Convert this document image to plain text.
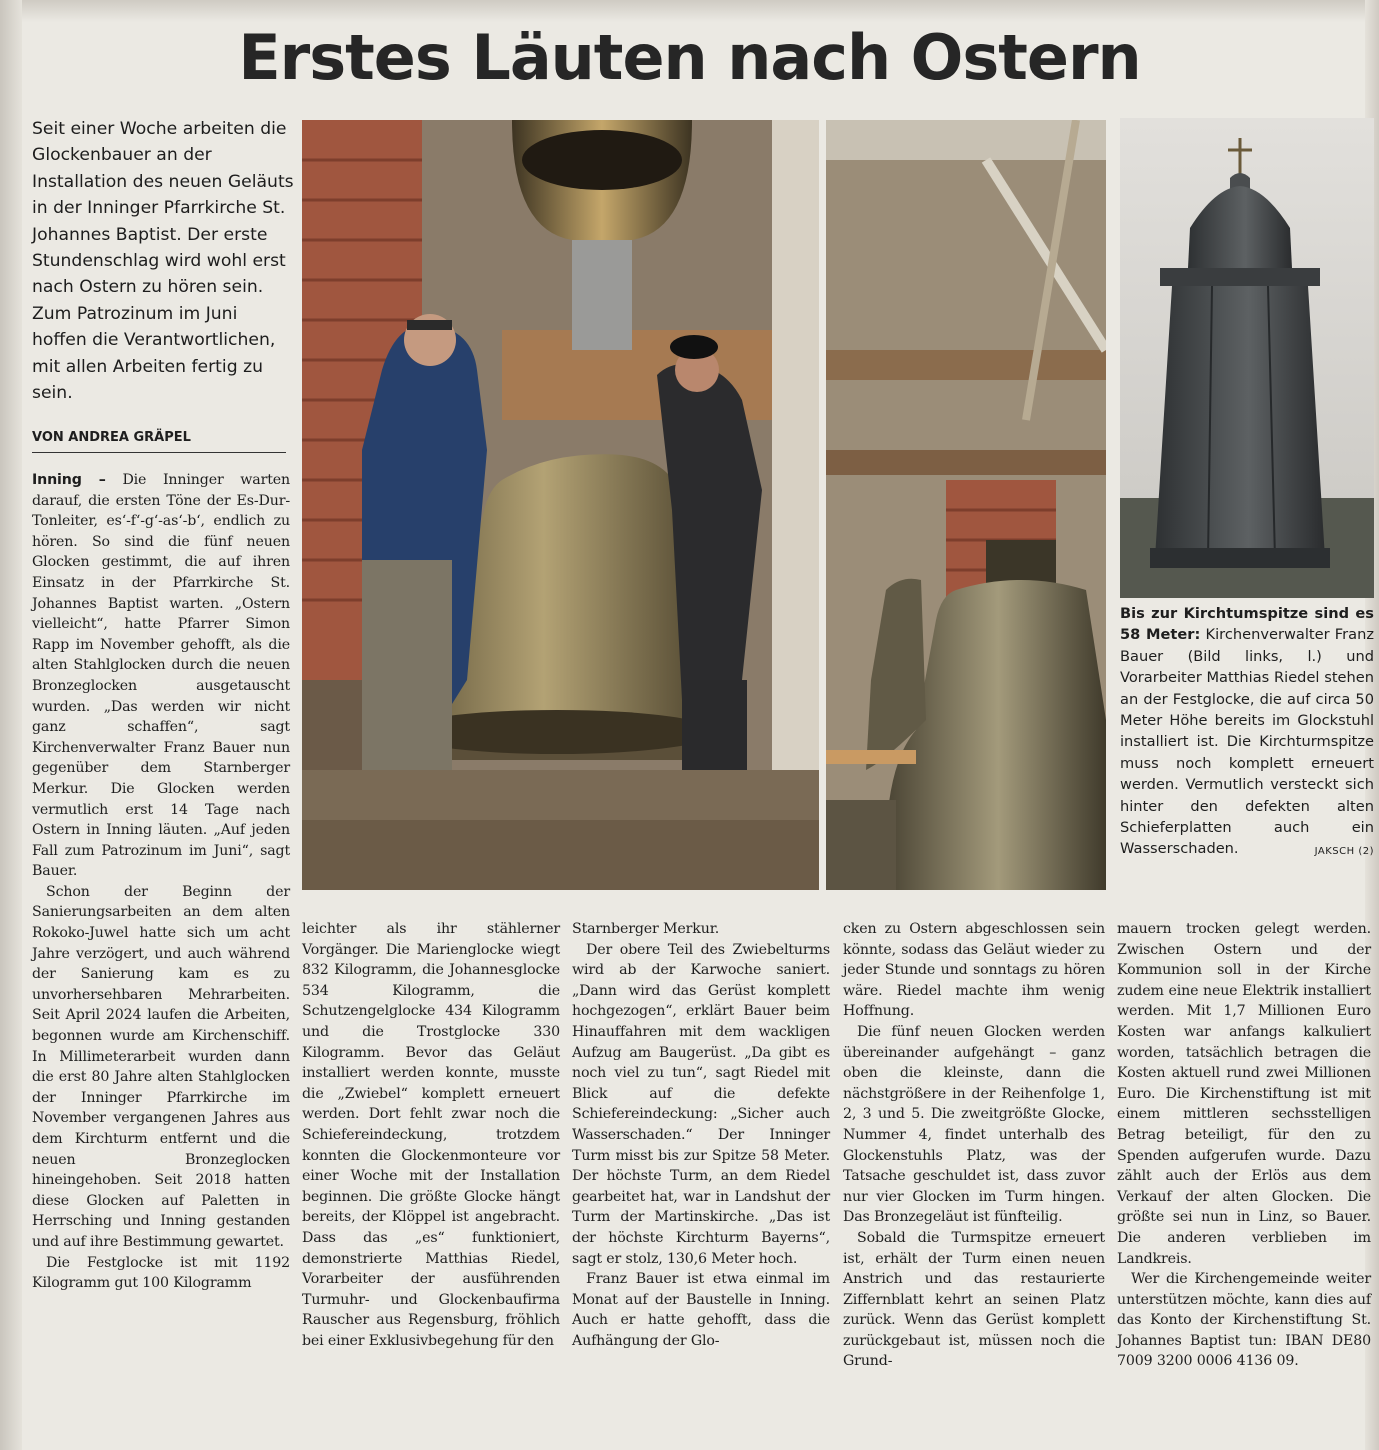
Erstes Läuten nach Ostern
Seit einer Woche arbeiten die Glockenbauer an der Installation des neuen Geläuts in der Inninger Pfarrkirche St. Johannes Baptist. Der erste Stundenschlag wird wohl erst nach Ostern zu hören sein. Zum Patrozinum im Juni hoffen die Verantwortlichen, mit allen Arbeiten fertig zu sein.
VON ANDREA GRÄPEL
Bis zur Kirchtumspitze sind es 58 Meter: Kirchenverwalter Franz Bauer (Bild links, l.) und Vorarbeiter Matthias Riedel stehen an der Festglocke, die auf circa 50 Meter Höhe bereits im Glockstuhl installiert ist. Die Kirchturmspitze muss noch komplett erneuert werden. Vermutlich versteckt sich hinter den defekten alten Schieferplatten auch ein Wasserschaden.	JAKSCH (2)

Inning – Die Inninger warten darauf, die ersten Töne der Es-Dur-Tonleiter, es‘-f‘-g‘-as‘-b‘, endlich zu hören. So sind die fünf neuen Glocken gestimmt, die auf ihren Einsatz in der Pfarrkirche St. Johannes Baptist warten. „Ostern vielleicht“, hatte Pfarrer Simon Rapp im November gehofft, als die alten Stahlglocken durch die neuen Bronzeglocken ausgetauscht wurden. „Das werden wir nicht ganz schaffen“, sagt Kirchenverwalter Franz Bauer nun gegenüber dem Starnberger Merkur. Die Glocken werden vermutlich erst 14 Tage nach Ostern in Inning läuten. „Auf jeden Fall zum Patrozinum im Juni“, sagt Bauer.

Schon der Beginn der Sanierungsarbeiten an dem alten Rokoko-Juwel hatte sich um acht Jahre verzögert, und auch während der Sanierung kam es zu unvorhersehbaren Mehrarbeiten. Seit April 2024 laufen die Arbeiten, begonnen wurde am Kirchenschiff. In Millimeterarbeit wurden dann die erst 80 Jahre alten Stahlglocken der Inninger Pfarrkirche im November vergangenen Jahres aus dem Kirchturm entfernt und die neuen Bronzeglocken hineingehoben. Seit 2018 hatten diese Glocken auf Paletten in Herrsching und Inning gestanden und auf ihre Bestimmung gewartet.

Die Festglocke ist mit 1192 Kilogramm gut 100 Kilogramm

leichter als ihr stählerner Vorgänger. Die Marienglocke wiegt 832 Kilogramm, die Johannesglocke 534 Kilogramm, die Schutzengelglocke 434 Kilogramm und die Trostglocke 330 Kilogramm. Bevor das Geläut installiert werden konnte, musste die „Zwiebel“ komplett erneuert werden. Dort fehlt zwar noch die Schiefereindeckung, trotzdem konnten die Glockenmonteure vor einer Woche mit der Installation beginnen. Die größte Glocke hängt bereits, der Klöppel ist angebracht. Dass das „es“ funktioniert, demonstrierte Matthias Riedel, Vorarbeiter der ausführenden Turmuhr- und Glockenbaufirma Rauscher aus Regensburg, fröhlich bei einer Exklusivbegehung für den

Starnberger Merkur.

Der obere Teil des Zwiebelturms wird ab der Karwoche saniert. „Dann wird das Gerüst komplett hochgezogen“, erklärt Bauer beim Hinauffahren mit dem wackligen Aufzug am Baugerüst. „Da gibt es noch viel zu tun“, sagt Riedel mit Blick auf die defekte Schiefereindeckung: „Sicher auch Wasserschaden.“ Der Inninger Turm misst bis zur Spitze 58 Meter. Der höchste Turm, an dem Riedel gearbeitet hat, war in Landshut der Turm der Martinskirche. „Das ist der höchste Kirchturm Bayerns“, sagt er stolz, 130,6 Meter hoch.

Franz Bauer ist etwa einmal im Monat auf der Baustelle in Inning. Auch er hatte gehofft, dass die Aufhängung der Glo-

cken zu Ostern abgeschlossen sein könnte, sodass das Geläut wieder zu jeder Stunde und sonntags zu hören wäre. Riedel machte ihm wenig Hoffnung.

Die fünf neuen Glocken werden übereinander aufgehängt – ganz oben die kleinste, dann die nächstgrößere in der Reihenfolge 1, 2, 3 und 5. Die zweitgrößte Glocke, Nummer 4, findet unterhalb des Glockenstuhls Platz, was der Tatsache geschuldet ist, dass zuvor nur vier Glocken im Turm hingen. Das Bronzegeläut ist fünfteilig.

Sobald die Turmspitze erneuert ist, erhält der Turm einen neuen Anstrich und das restaurierte Ziffernblatt kehrt an seinen Platz zurück. Wenn das Gerüst komplett zurückgebaut ist, müssen noch die Grund-

mauern trocken gelegt werden. Zwischen Ostern und der Kommunion soll in der Kirche zudem eine neue Elektrik installiert werden. Mit 1,7 Millionen Euro Kosten war anfangs kalkuliert worden, tatsächlich betragen die Kosten aktuell rund zwei Millionen Euro. Die Kirchenstiftung ist mit einem mittleren sechsstelligen Betrag beteiligt, für den zu Spenden aufgerufen wurde. Dazu zählt auch der Erlös aus dem Verkauf der alten Glocken. Die größte sei nun in Linz, so Bauer. Die anderen verblieben im Landkreis.

Wer die Kirchengemeinde weiter unterstützen möchte, kann dies auf das Konto der Kirchenstiftung St. Johannes Baptist tun: IBAN DE80 7009 3200 0006 4136 09.
